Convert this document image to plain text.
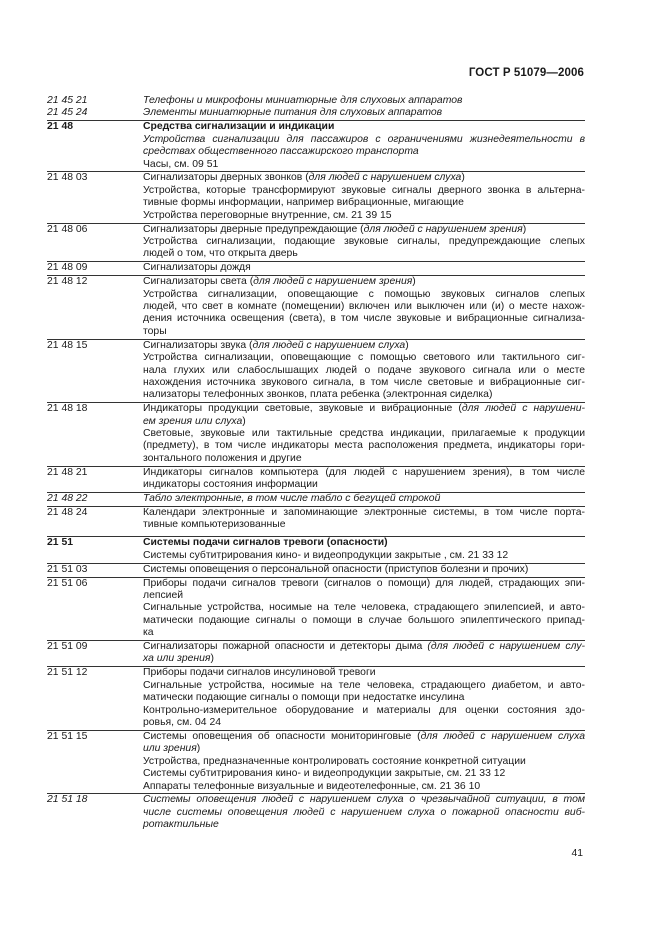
ГОСТ Р 51079—2006
21 45 21	Телефоны и микрофоны миниатюрные для слуховых аппаратов
21 45 24	Элементы миниатюрные питания для слуховых аппаратов
21 48	Средства сигнализации и индикации
Устройства сигнализации для пассажиров с ограничениями жизнедеятельности в
средствах общественного пассажирского транспорта
Часы, см. 09 51
21 48 03	Сигнализаторы дверных звонков (для людей с нарушением слуха)
Устройства, которые трансформируют звуковые сигналы дверного звонка в альтерна-
тивные формы информации, например вибрационные, мигающие
Устройства переговорные внутренние, см. 21 39 15
21 48 06	Сигнализаторы дверные предупреждающие (для людей с нарушением зрения)
Устройства сигнализации, подающие звуковые сигналы, предупреждающие слепых
людей о том, что открыта дверь
21 48 09	Сигнализаторы дождя
21 48 12	Сигнализаторы света (для людей с нарушением зрения)
Устройства сигнализации, оповещающие с помощью звуковых сигналов слепых
людей, что свет в комнате (помещении) включен или выключен или (и) о месте нахож-
дения источника освещения (света), в том числе звуковые и вибрационные сигнализа-
торы
21 48 15	Сигнализаторы звука (для людей с нарушением слуха)
Устройства сигнализации, оповещающие с помощью светового или тактильного сиг-
нала глухих или слабослышащих людей о подаче звукового сигнала или о месте
нахождения источника звукового сигнала, в том числе световые и вибрационные сиг-
нализаторы телефонных звонков, плата ребенка (электронная сиделка)
21 48 18	Индикаторы продукции световые, звуковые и вибрационные (для людей с нарушени-
ем зрения или слуха)
Световые, звуковые или тактильные средства индикации, прилагаемые к продукции
(предмету), в том числе индикаторы места расположения предмета, индикаторы гори-
зонтального положения и другие
21 48 21	Индикаторы сигналов компьютера (для людей с нарушением зрения), в том числе
индикаторы состояния информации
21 48 22	Табло электронные, в том числе табло с бегущей строкой
21 48 24	Календари электронные и запоминающие электронные системы, в том числе порта-
тивные компьютеризованные
21 51	Системы подачи сигналов тревоги (опасности)
Системы субтитрирования кино- и видеопродукции закрытые , см. 21 33 12
21 51 03	Системы оповещения о персональной опасности (приступов болезни и прочих)
21 51 06	Приборы подачи сигналов тревоги (сигналов о помощи) для людей, страдающих эпи-
лепсией
Сигнальные устройства, носимые на теле человека, страдающего эпилепсией, и авто-
матически подающие сигналы о помощи в случае большого эпилептического припад-
ка
21 51 09	Сигнализаторы пожарной опасности и детекторы дыма (для людей с нарушением слу-
ха или зрения)
21 51 12	Приборы подачи сигналов инсулиновой тревоги
Сигнальные устройства, носимые на теле человека, страдающего диабетом, и авто-
матически подающие сигналы о помощи при недостатке инсулина
Контрольно-измерительное оборудование и материалы для оценки состояния здо-
ровья, см. 04 24
21 51 15	Системы оповещения об опасности мониторинговые (для людей с нарушением слуха
или зрения)
Устройства, предназначенные контролировать состояние конкретной ситуации
Системы субтитрирования кино- и видеопродукции закрытые, см. 21 33 12
Аппараты телефонные визуальные и видеотелефонные, см. 21 36 10
21 51 18	Системы оповещения людей с нарушением слуха о чрезвычайной ситуации, в том
числе системы оповещения людей с нарушением слуха о пожарной опасности виб-
ротактильные
41
